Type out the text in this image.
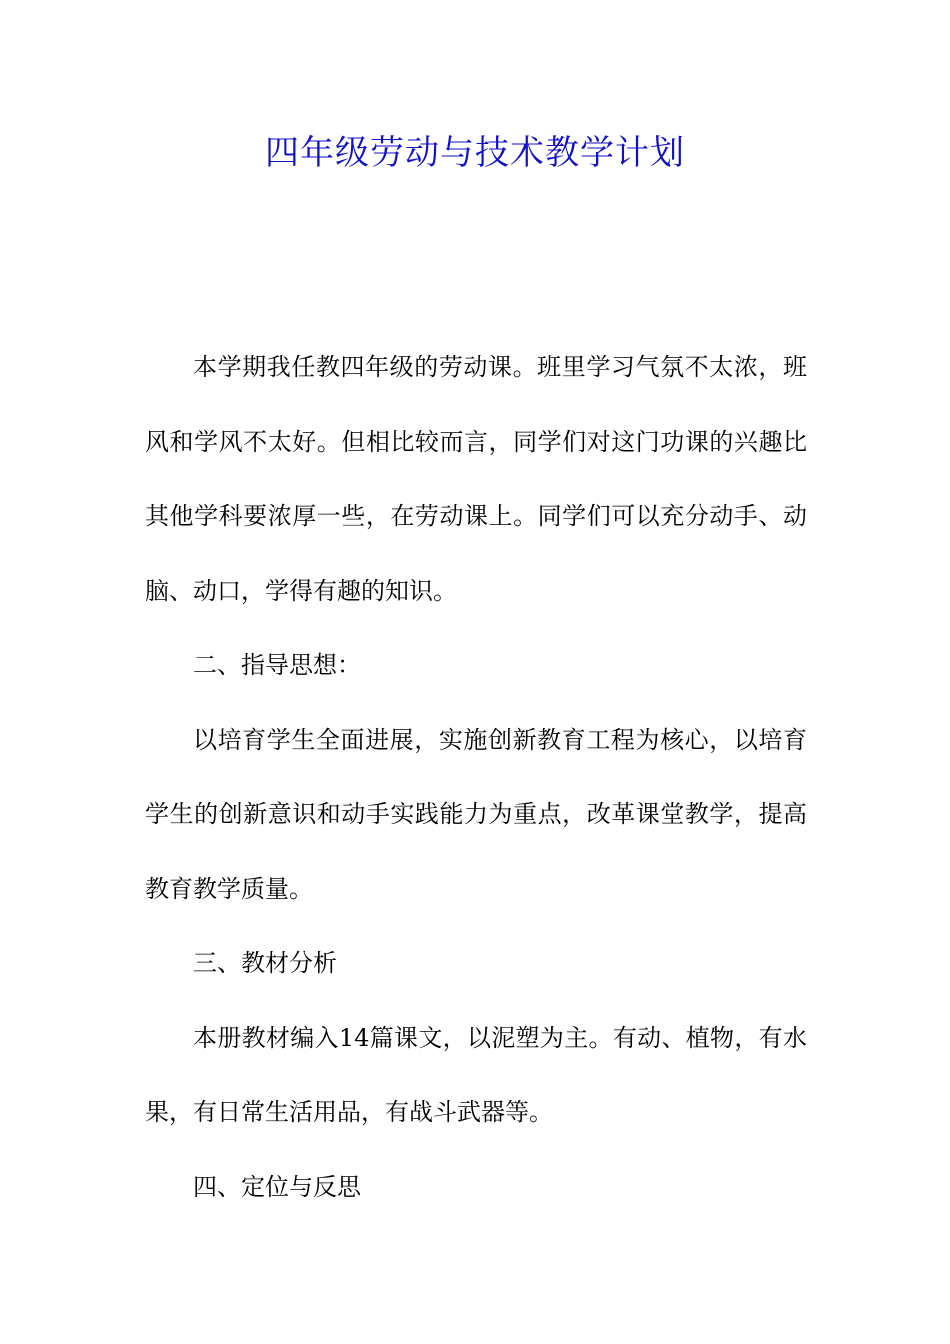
四年级劳动与技术教学计划

本学期我任教四年级的劳动课。班里学习气氛不太浓，班风和学风不太好。但相比较而言，同学们对这门功课的兴趣比其他学科要浓厚一些，在劳动课上。同学们可以充分动手、动脑、动口，学得有趣的知识。

二、指导思想：

以培育学生全面进展，实施创新教育工程为核心，以培育学生的创新意识和动手实践能力为重点，改革课堂教学，提高教育教学质量。

三、教材分析

本册教材编入14篇课文，以泥塑为主。有动、植物，有水果，有日常生活用品，有战斗武器等。

四、定位与反思
